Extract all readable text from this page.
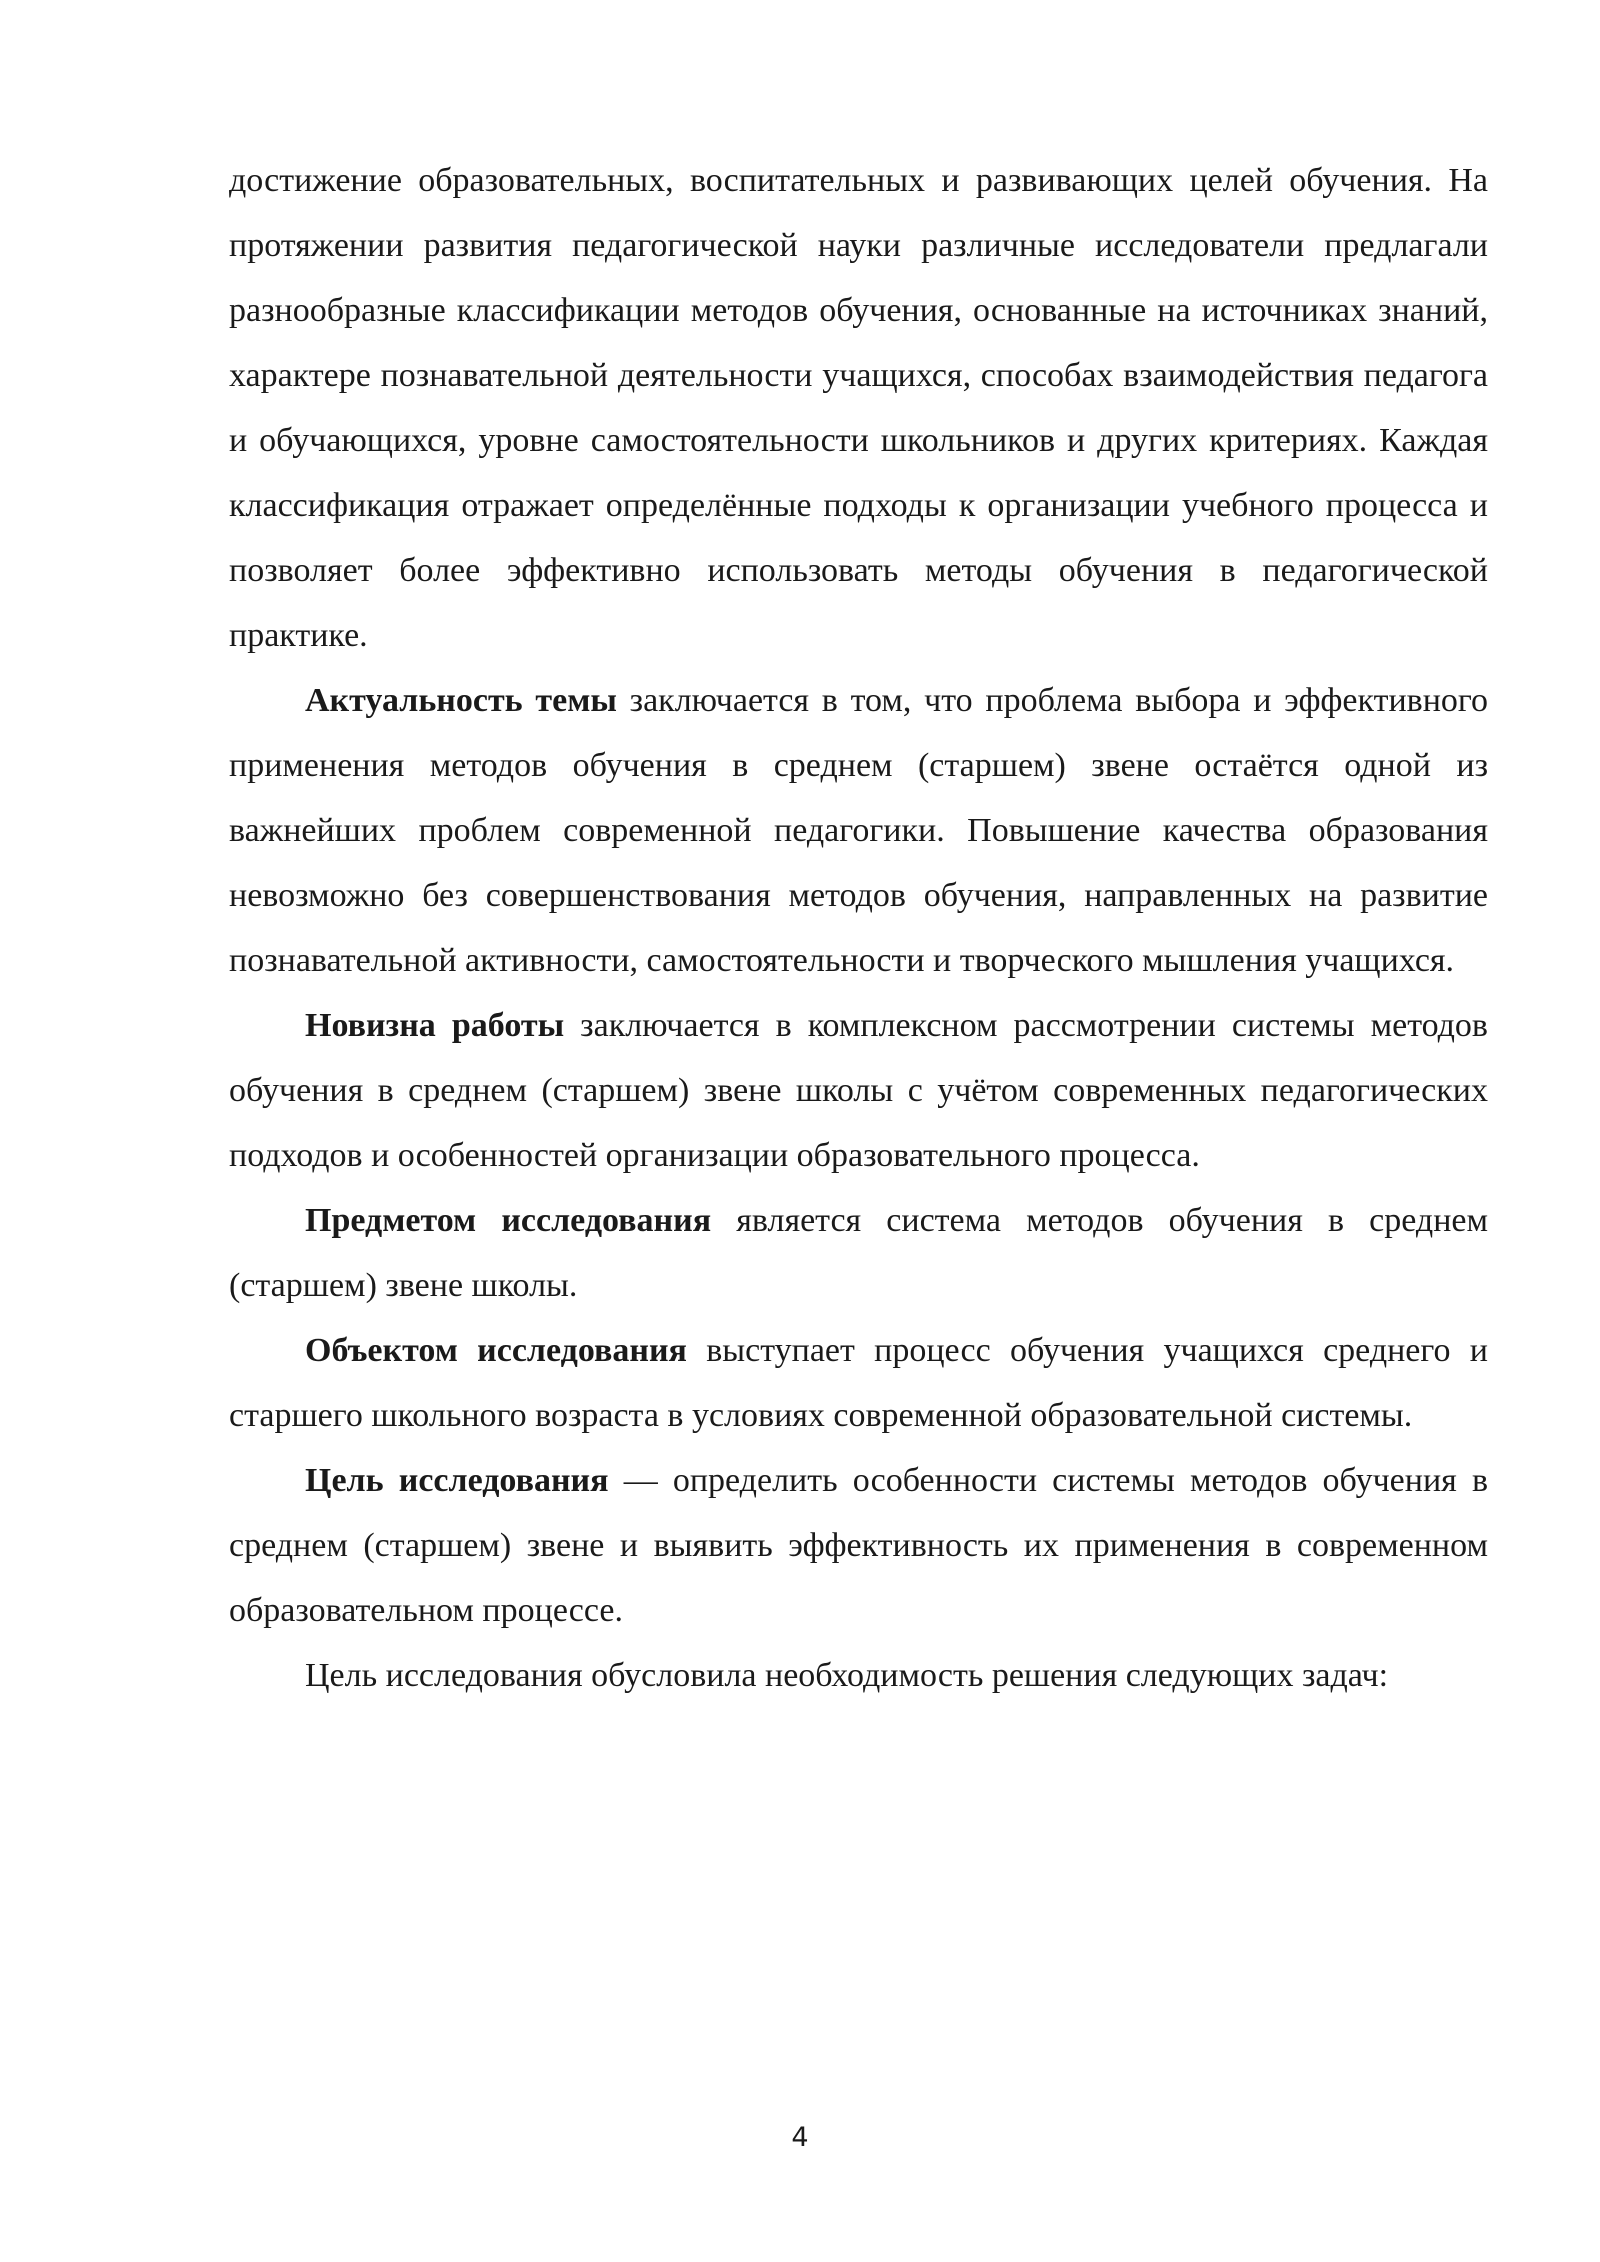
достижение образовательных, воспитательных и развивающих целей обучения. На протяжении развития педагогической науки различные исследователи предлагали разнообразные классификации методов обучения, основанные на источниках знаний, характере познавательной деятельности учащихся, способах взаимодействия педагога и обучающихся, уровне самостоятельности школьников и других критериях. Каждая классификация отражает определённые подходы к организации учебного процесса и позволяет более эффективно использовать методы обучения в педагогической практике.

Актуальность темы заключается в том, что проблема выбора и эффективного применения методов обучения в среднем (старшем) звене остаётся одной из важнейших проблем современной педагогики. Повышение качества образования невозможно без совершенствования методов обучения, направленных на развитие познавательной активности, самостоятельности и творческого мышления учащихся.

Новизна работы заключается в комплексном рассмотрении системы методов обучения в среднем (старшем) звене школы с учётом современных педагогических подходов и особенностей организации образовательного процесса.

Предметом исследования является система методов обучения в среднем (старшем) звене школы.

Объектом исследования выступает процесс обучения учащихся среднего и старшего школьного возраста в условиях современной образовательной системы.

Цель исследования — определить особенности системы методов обучения в среднем (старшем) звене и выявить эффективность их применения в современном образовательном процессе.

Цель исследования обусловила необходимость решения следующих задач:

4
